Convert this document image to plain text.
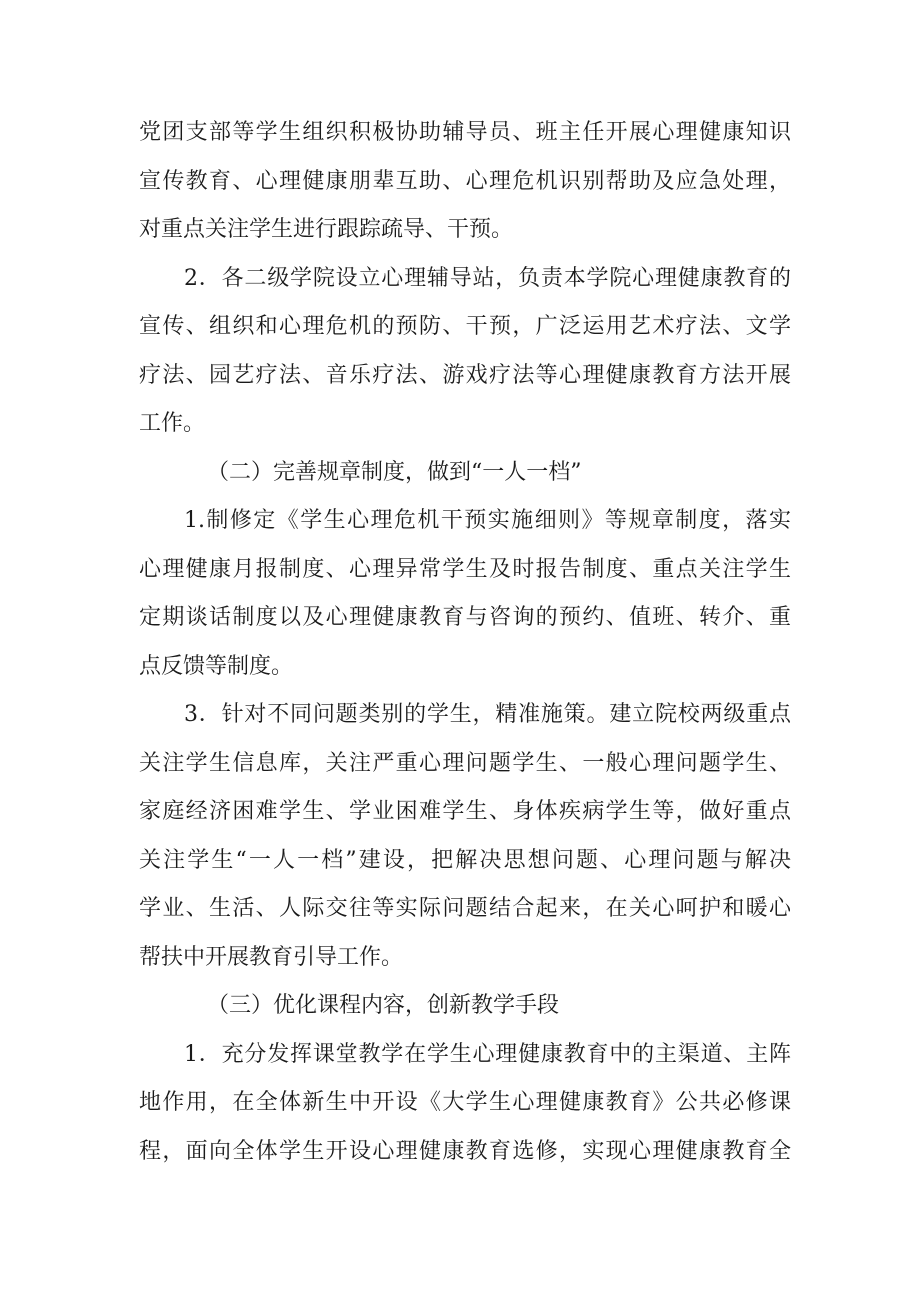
党团支部等学生组织积极协助辅导员、班主任开展心理健康知识
宣传教育、心理健康朋辈互助、心理危机识别帮助及应急处理，
对重点关注学生进行跟踪疏导、干预。
2．各二级学院设立心理辅导站，负责本学院心理健康教育的
宣传、组织和心理危机的预防、干预，广泛运用艺术疗法、文学
疗法、园艺疗法、音乐疗法、游戏疗法等心理健康教育方法开展
工作。
（二）完善规章制度，做到“一人一档”
1.制修定《学生心理危机干预实施细则》等规章制度，落实
心理健康月报制度、心理异常学生及时报告制度、重点关注学生
定期谈话制度以及心理健康教育与咨询的预约、值班、转介、重
点反馈等制度。
3．针对不同问题类别的学生，精准施策。建立院校两级重点
关注学生信息库，关注严重心理问题学生、一般心理问题学生、
家庭经济困难学生、学业困难学生、身体疾病学生等，做好重点
关注学生“一人一档”建设，把解决思想问题、心理问题与解决
学业、生活、人际交往等实际问题结合起来，在关心呵护和暖心
帮扶中开展教育引导工作。
（三）优化课程内容，创新教学手段
1．充分发挥课堂教学在学生心理健康教育中的主渠道、主阵
地作用，在全体新生中开设《大学生心理健康教育》公共必修课
程，面向全体学生开设心理健康教育选修，实现心理健康教育全
